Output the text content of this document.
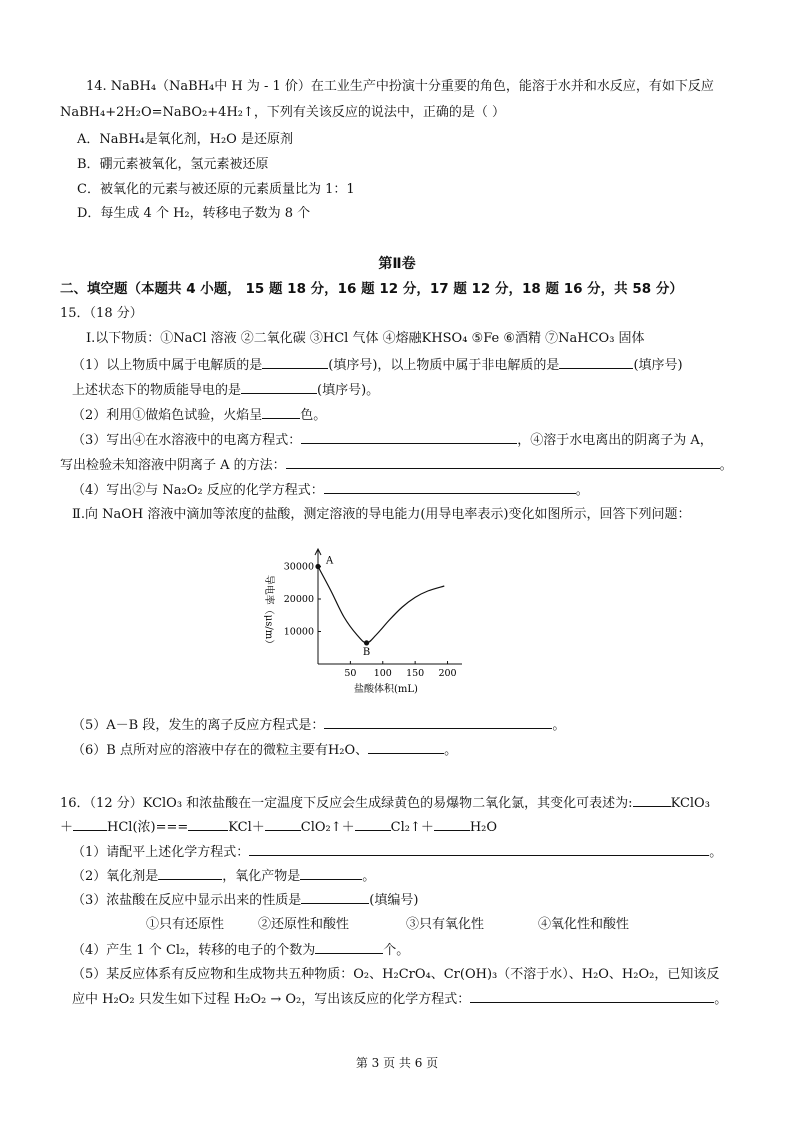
14. NaBH₄（NaBH₄中 H 为 - 1 价）在工业生产中扮演十分重要的角色，能溶于水并和水反应，有如下反应
NaBH₄+2H₂O=NaBO₂+4H₂↑，下列有关该反应的说法中，正确的是（ ）
A．NaBH₄是氧化剂，H₂O 是还原剂
B．硼元素被氧化，氢元素被还原
C．被氧化的元素与被还原的元素质量比为 1：1
D．每生成 4 个 H₂，转移电子数为 8 个
第Ⅱ卷
二、填空题（本题共 4 小题， 15 题 18 分，16 题 12 分，17 题 12 分，18 题 16 分，共 58 分）
15．（18 分）
Ⅰ.以下物质：①NaCl 溶液 ②二氧化碳 ③HCl 气体 ④熔融KHSO₄ ⑤Fe ⑥酒精 ⑦NaHCO₃ 固体
（1）以上物质中属于电解质的是	(填序号)，以上物质中属于非电解质的是	(填序号)
上述状态下的物质能导电的是	(填序号)。
（2）利用①做焰色试验，火焰呈	色。
（3）写出④在水溶液中的电离方程式：	，④溶于水电离出的阴离子为 A，
写出检验未知溶液中阴离子 A 的方法：	。
（4）写出②与 Na₂O₂ 反应的化学方程式：	。
Ⅱ.向 NaOH 溶液中滴加等浓度的盐酸，测定溶液的导电能力(用导电率表示)变化如图所示，回答下列问题：
50 100 150 200
10000
20000
30000
盐酸体积(mL)
导电率（μs/m）
A
B
（5）A－B 段，发生的离子反应方程式是：	。
（6）B 点所对应的溶液中存在的微粒主要有H₂O、	。
16．（12 分）KClO₃ 和浓盐酸在一定温度下反应会生成绿黄色的易爆物二氧化氯，其变化可表述为:	KClO₃
＋	HCl(浓)===	KCl＋	ClO₂↑＋	Cl₂↑＋	H₂O
（1）请配平上述化学方程式：	。
（2）氧化剂是	，氧化产物是	。
（3）浓盐酸在反应中显示出来的性质是	(填编号)
①只有还原性	②还原性和酸性	③只有氧化性	④氧化性和酸性
（4）产生 1 个 Cl₂，转移的电子的个数为	个。
（5）某反应体系有反应物和生成物共五种物质：O₂、H₂CrO₄、Cr(OH)₃（不溶于水）、H₂O、H₂O₂，已知该反
应中 H₂O₂ 只发生如下过程 H₂O₂ → O₂，写出该反应的化学方程式：	。
第 3 页 共 6 页
